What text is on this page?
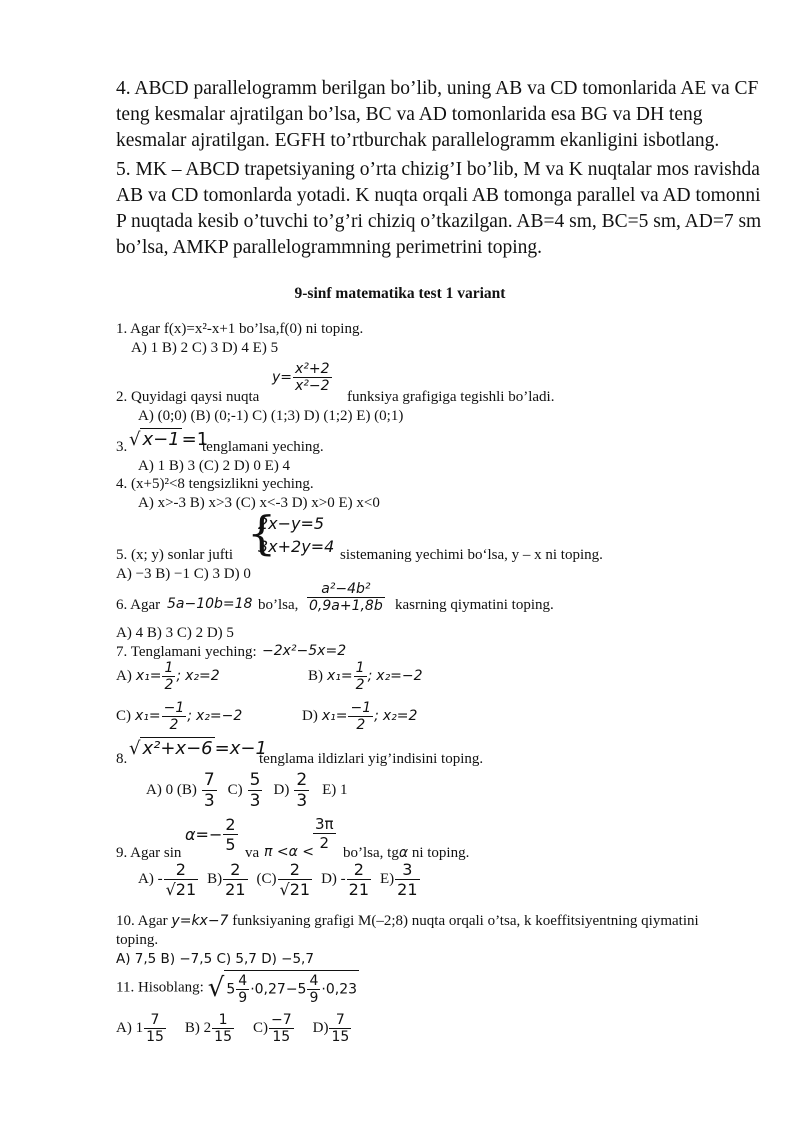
4. ABCD parallelogramm berilgan bo’lib, uning AB va CD tomonlarida AE va CF
teng kesmalar ajratilgan bo’lsa, BC va AD tomonlarida esa BG va DH teng
kesmalar ajratilgan. EGFH to’rtburchak parallelogramm ekanligini isbotlang.
5. MK – ABCD trapetsiyaning o’rta chizig’I bo’lib, M va K nuqtalar mos ravishda
AB va CD tomonlarda yotadi. K nuqta orqali AB tomonga parallel va AD tomonni
P nuqtada kesib o’tuvchi to’g’ri chiziq o’tkazilgan. AB=4 sm, BC=5 sm, AD=7 sm
bo’lsa, AMKP parallelogrammning perimetrini toping.
9-sinf matematika test 1 variant
1. Agar f(x)=x²-x+1 bo’lsa,f(0) ni toping.
A) 1 B) 2 C) 3 D) 4 E) 5
2. Quyidagi qaysi nuqta
$y= \frac{\text{x²+2}}{\text{x²−2}}$
funksiya grafigiga tegishli bo’ladi.
A) (0;0) (B) (0;-1) C) (1;3) D) (1;2) E) (0;1)
3. √ x−1 =1
tenglamani yeching.
A) 1 B) 3 (C) 2 D) 0 E) 4
4. (x+5)²<8 tengsizlikni yeching.
A) x>-3 B) x>3 (C) x<-3 D) x>0 E) x<0
5. (x; y) sonlar jufti {
2x−y=5
3x+2y=4 sistemaning yechimi bo‘lsa, y – x ni toping.
A) −3 B) −1 C) 3 D) 0
6. Agar 5a−10b=18 bo’lsa, $\frac{\text{a²−4b²}}{0,9a+1,8b}$ kasrning qiymatini toping.
A) 4 B) 3 C) 2 D) 5
7. Tenglamani yeching: −2x²−5x=2
A) $x_1= \frac{1}{2}$ ; x₂=2	B) $x_1= \frac{1}{2}$ ; x₂=−2
C) $x_1= \frac{-1}{2}$ ; x₂=−2	D) $x_1= \frac{-1}{2}$ ; x₂=2
8. √ x²+x−6 =x−1
tenglama ildizlari yig’indisini toping.
A) 0 $(B) \frac{7}{3} C) \frac{5}{3} D) \frac{2}{3} E$) 1
9. Agar sin
$\alpha=- \frac{2}{5}$ va π <α <
$\frac{3\pi}{2}$
bo’lsa, tgα ni toping.
$A) - \frac{2}{√21} B) \frac{2}{21} (C) \frac{2}{√21} D) - \frac{2}{21} E) \frac{3}{21}$
10. Agar y=kx−7 funksiyaning grafigi M(–2;8) nuqta orqali o’tsa, k koeffitsiyentning qiymatini
toping.
A) 7,5 B) −7,5 C) 5,7 D) −5,7
11. Hisoblang: √ $5 \frac{4}{9} \cdot 0,27-5 \frac{4}{9} \cdot 0,23$
A) $1 \frac{7}{15} B$) $2 \frac{1}{15} C) \frac{-7}{15} D) \frac{7}{15}$
